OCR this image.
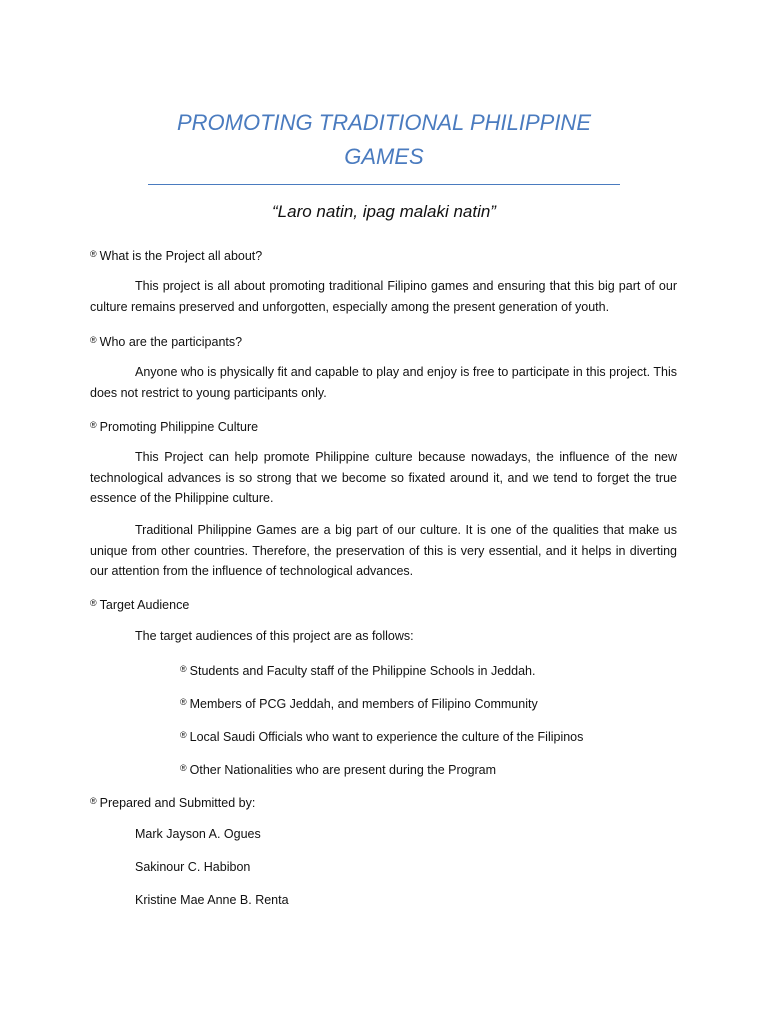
PROMOTING TRADITIONAL PHILIPPINE
GAMES

“Laro natin, ipag malaki natin”

® What is the Project all about?

This project is all about promoting traditional Filipino games and ensuring that this big part of our culture remains preserved and unforgotten, especially among the present generation of youth.

® Who are the participants?

Anyone who is physically fit and capable to play and enjoy is free to participate in this project. This does not restrict to young participants only.

® Promoting Philippine Culture

This Project can help promote Philippine culture because nowadays, the influence of the new technological advances is so strong that we become so fixated around it, and we tend to forget the true essence of the Philippine culture.

Traditional Philippine Games are a big part of our culture. It is one of the qualities that make us unique from other countries. Therefore, the preservation of this is very essential, and it helps in diverting our attention from the influence of technological advances.

® Target Audience

The target audiences of this project are as follows:

® Students and Faculty staff of the Philippine Schools in Jeddah.

® Members of PCG Jeddah, and members of Filipino Community

® Local Saudi Officials who want to experience the culture of the Filipinos

® Other Nationalities who are present during the Program

® Prepared and Submitted by:

Mark Jayson A. Ogues

Sakinour C. Habibon

Kristine Mae Anne B. Renta
